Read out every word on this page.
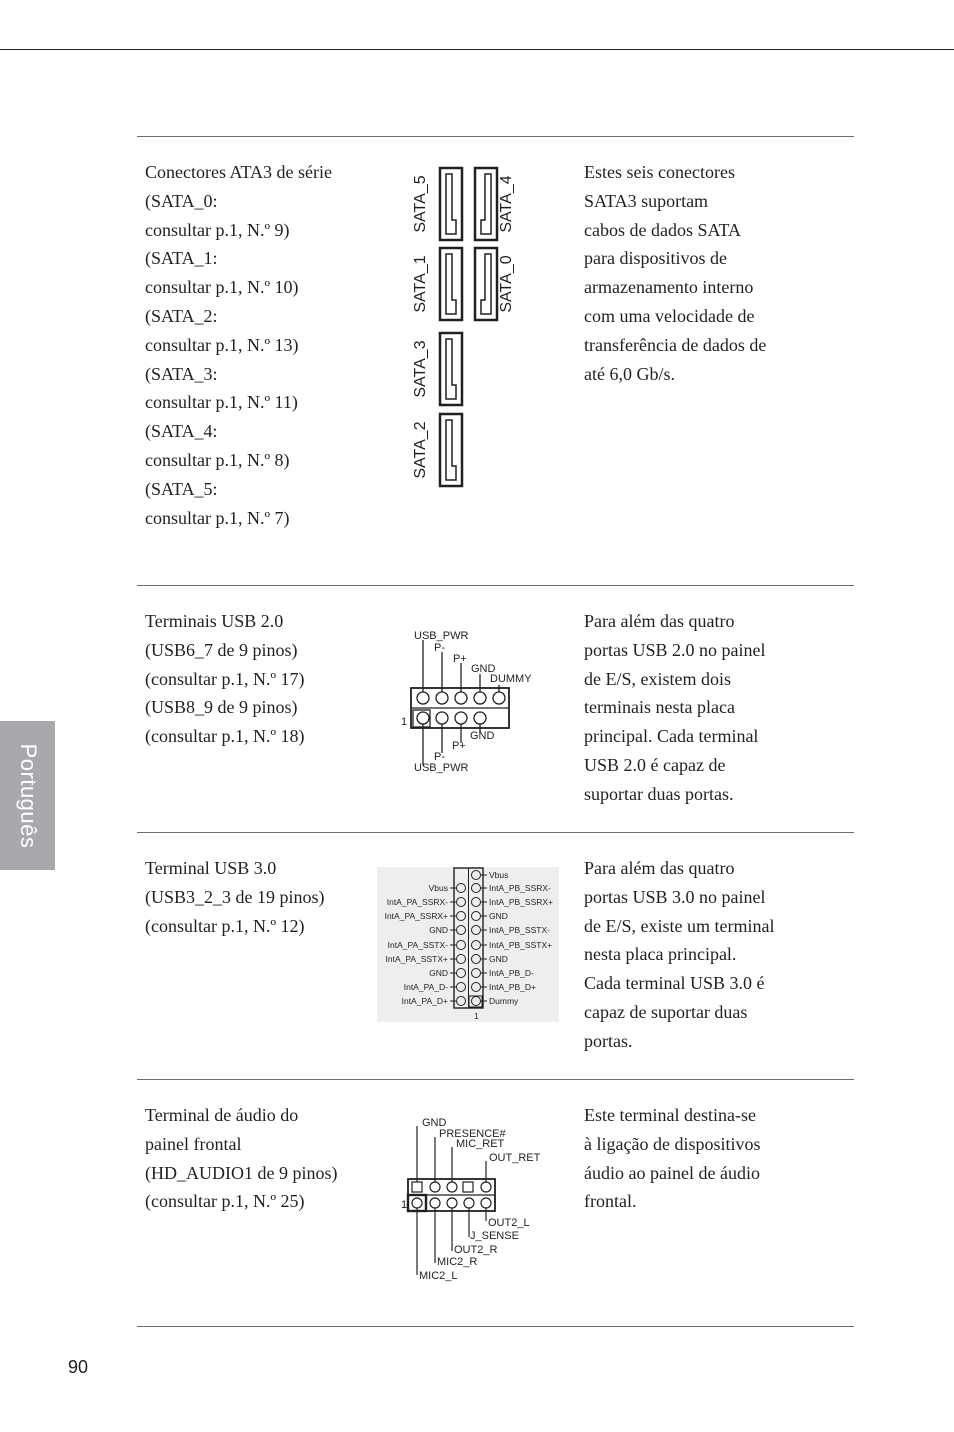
Português
Conectores ATA3 de série
(SATA_0:
consultar p.1, N.º 9)
(SATA_1:
consultar p.1, N.º 10)
(SATA_2:
consultar p.1, N.º 13)
(SATA_3:
consultar p.1, N.º 11)
(SATA_4:
consultar p.1, N.º 8)
(SATA_5:
consultar p.1, N.º 7)
Estes seis conectores
SATA3 suportam
cabos de dados SATA
para dispositivos de
armazenamento interno
com uma velocidade de
transferência de dados de
até 6,0 Gb/s.
SATA_5	SATA_4
SATA_1	SATA_0
SATA_3
SATA_2
Terminais USB 2.0
(USB6_7 de 9 pinos)
(consultar p.1, N.º 17)
(USB8_9 de 9 pinos)
(consultar p.1, N.º 18)
Para além das quatro
portas USB 2.0 no painel
de E/S, existem dois
terminais nesta placa
principal. Cada terminal
USB 2.0 é capaz de
suportar duas portas.
USB_PWR
P-
P+
GND
DUMMY
1
GND
P+
P-
USB_PWR
Terminal USB 3.0
(USB3_2_3 de 19 pinos)
(consultar p.1, N.º 12)
Para além das quatro
portas USB 3.0 no painel
de E/S, existe um terminal
nesta placa principal.
Cada terminal USB 3.0 é
capaz de suportar duas
portas.
Vbus
IntA_PA_SSRX-
IntA_PA_SSRX+
GND
IntA_PA_SSTX-
IntA_PA_SSTX+
GND
IntA_PA_D-
IntA_PA_D+
Vbus
IntA_PB_SSRX-
IntA_PB_SSRX+
GND
IntA_PB_SSTX-
IntA_PB_SSTX+
GND
IntA_PB_D-
IntA_PB_D+
Dummy
1
Terminal de áudio do
painel frontal
(HD_AUDIO1 de 9 pinos)
(consultar p.1, N.º 25)
Este terminal destina-se
à ligação de dispositivos
áudio ao painel de áudio
frontal.
GND
PRESENCE#
MIC_RET
OUT_RET
1
OUT2_L
J_SENSE
OUT2_R
MIC2_R
MIC2_L
90
